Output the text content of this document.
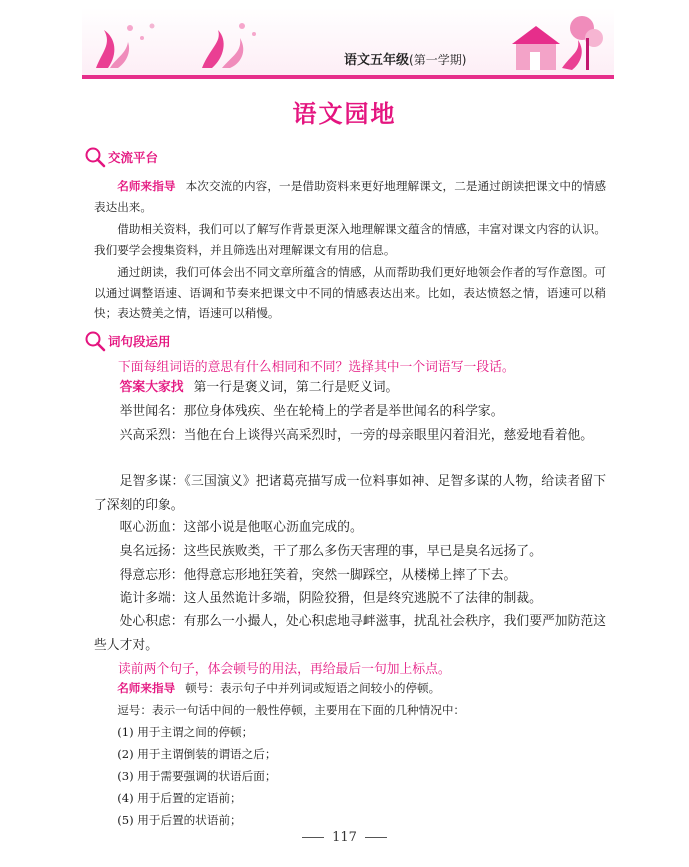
语文五年级(第一学期)
语文园地
交流平台
名师来指导 本次交流的内容，一是借助资料来更好地理解课文，二是通过朗读把课文中的情感表达出来。
借助相关资料，我们可以了解写作背景更深入地理解课文蕴含的情感，丰富对课文内容的认识。我们要学会搜集资料，并且筛选出对理解课文有用的信息。
通过朗读，我们可体会出不同文章所蕴含的情感，从而帮助我们更好地领会作者的写作意图。可以通过调整语速、语调和节奏来把课文中不同的情感表达出来。比如，表达愤怒之情，语速可以稍快；表达赞美之情，语速可以稍慢。
词句段运用
下面每组词语的意思有什么相同和不同？选择其中一个词语写一段话。
答案大家找 第一行是褒义词，第二行是贬义词。
举世闻名：那位身体残疾、坐在轮椅上的学者是举世闻名的科学家。
兴高采烈：当他在台上谈得兴高采烈时，一旁的母亲眼里闪着泪光，慈爱地看着他。
足智多谋：《三国演义》把诸葛亮描写成一位料事如神、足智多谋的人物，给读者留下了深刻的印象。
呕心沥血：这部小说是他呕心沥血完成的。
臭名远扬：这些民族败类，干了那么多伤天害理的事，早已是臭名远扬了。
得意忘形：他得意忘形地狂笑着，突然一脚踩空，从楼梯上摔了下去。
诡计多端：这人虽然诡计多端，阴险狡猾，但是终究逃脱不了法律的制裁。
处心积虑：有那么一小撮人，处心积虑地寻衅滋事，扰乱社会秩序，我们要严加防范这些人才对。
读前两个句子，体会顿号的用法，再给最后一句加上标点。
名师来指导 顿号：表示句子中并列词或短语之间较小的停顿。
逗号：表示一句话中间的一般性停顿，主要用在下面的几种情况中：
(1) 用于主谓之间的停顿；
(2) 用于主谓倒装的谓语之后；
(3) 用于需要强调的状语后面；
(4) 用于后置的定语前；
(5) 用于后置的状语前；
117
